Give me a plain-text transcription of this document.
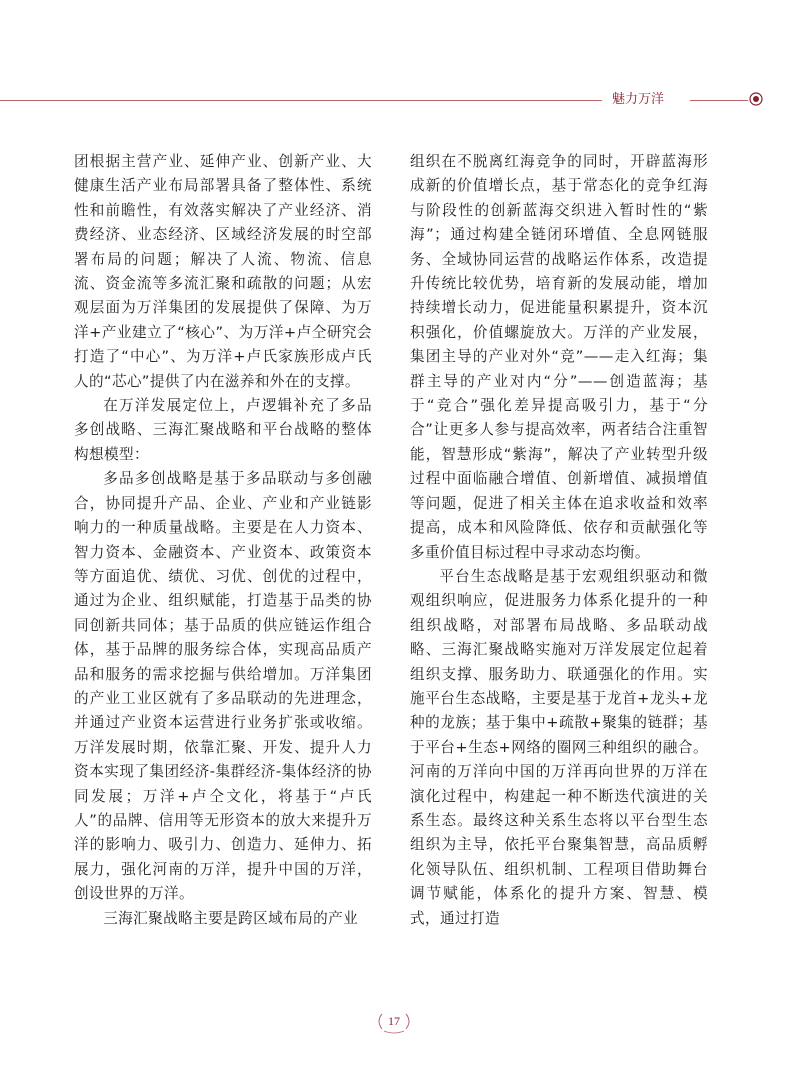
魅力万洋

团根据主营产业、延伸产业、创新产业、大健康生活产业布局部署具备了整体性、系统性和前瞻性，有效落实解决了产业经济、消费经济、业态经济、区域经济发展的时空部署布局的问题；解决了人流、物流、信息流、资金流等多流汇聚和疏散的问题；从宏观层面为万洋集团的发展提供了保障、为万洋+产业建立了“核心”、为万洋+卢仝研究会打造了“中心”、为万洋+卢氏家族形成卢氏人的“芯心”提供了内在滋养和外在的支撑。

在万洋发展定位上，卢逻辑补充了多品多创战略、三海汇聚战略和平台战略的整体构想模型：

多品多创战略是基于多品联动与多创融合，协同提升产品、企业、产业和产业链影响力的一种质量战略。主要是在人力资本、智力资本、金融资本、产业资本、政策资本等方面追优、绩优、习优、创优的过程中，通过为企业、组织赋能，打造基于品类的协同创新共同体；基于品质的供应链运作组合体，基于品牌的服务综合体，实现高品质产品和服务的需求挖掘与供给增加。万洋集团的产业工业区就有了多品联动的先进理念，并通过产业资本运营进行业务扩张或收缩。万洋发展时期，依靠汇聚、开发、提升人力资本实现了集团经济-集群经济-集体经济的协同发展；万洋+卢仝文化，将基于“卢氏人”的品牌、信用等无形资本的放大来提升万洋的影响力、吸引力、创造力、延伸力、拓展力，强化河南的万洋，提升中国的万洋，创设世界的万洋。

三海汇聚战略主要是跨区域布局的产业

组织在不脱离红海竞争的同时，开辟蓝海形成新的价值增长点，基于常态化的竞争红海与阶段性的创新蓝海交织进入暂时性的“紫海”；通过构建全链闭环增值、全息网链服务、全域协同运营的战略运作体系，改造提升传统比较优势，培育新的发展动能，增加持续增长动力，促进能量积累提升，资本沉积强化，价值螺旋放大。万洋的产业发展，集团主导的产业对外“竞”——走入红海；集群主导的产业对内“分”——创造蓝海；基于“竞合”强化差异提高吸引力，基于“分合”让更多人参与提高效率，两者结合注重智能，智慧形成“紫海”，解决了产业转型升级过程中面临融合增值、创新增值、减损增值等问题，促进了相关主体在追求收益和效率提高，成本和风险降低、依存和贡献强化等多重价值目标过程中寻求动态均衡。

平台生态战略是基于宏观组织驱动和微观组织响应，促进服务力体系化提升的一种组织战略，对部署布局战略、多品联动战略、三海汇聚战略实施对万洋发展定位起着组织支撑、服务助力、联通强化的作用。实施平台生态战略，主要是基于龙首+龙头+龙种的龙族；基于集中+疏散+聚集的链群；基于平台+生态+网络的圈网三种组织的融合。河南的万洋向中国的万洋再向世界的万洋在演化过程中，构建起一种不断迭代演进的关系生态。最终这种关系生态将以平台型生态组织为主导，依托平台聚集智慧，高品质孵化领导队伍、组织机制、工程项目借助舞台调节赋能，体系化的提升方案、智慧、模式，通过打造

17
